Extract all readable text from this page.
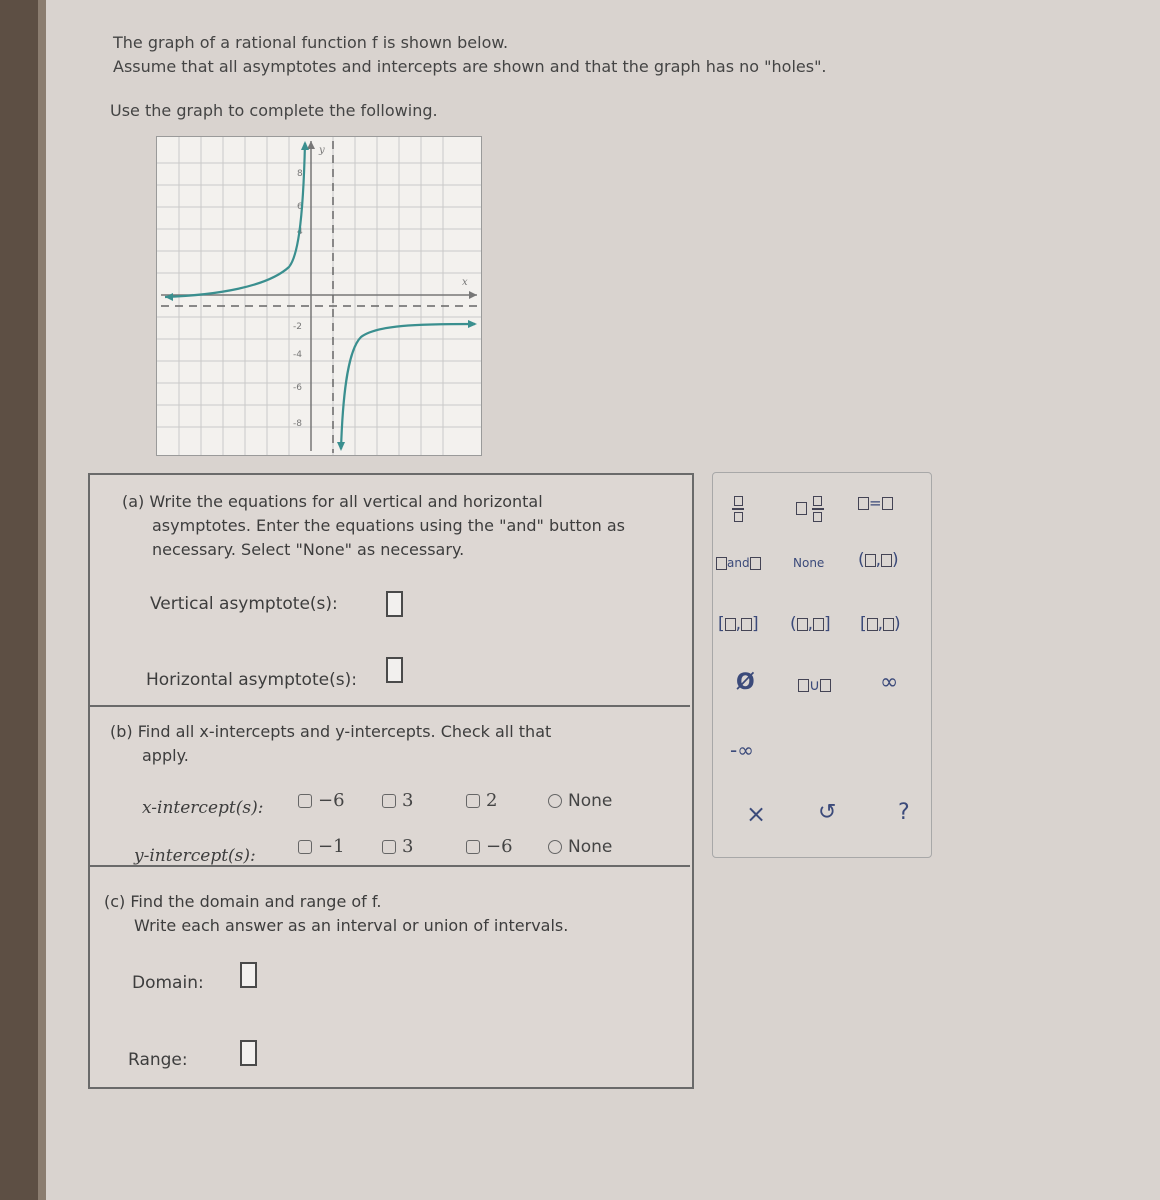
The graph of a rational function f is shown below.
Assume that all asymptotes and intercepts are shown and that the graph has no "holes".
Use the graph to complete the following.
8
6
4
-2
-4
-6
-8
y
x
(a) Write the equations for all vertical and horizontal
asymptotes. Enter the equations using the "and" button as
necessary. Select "None" as necessary.
Vertical asymptote(s):
Horizontal asymptote(s):
(b) Find all x-intercepts and y-intercepts. Check all that
apply.
x-intercept(s):	−6	3	2	None
y-intercept(s):	−1	3	−6	None
(c) Find the domain and range of f.
Write each answer as an interval or union of intervals.
Domain:
Range:

=
and	None ( , )
[ , ] ( , ] [ , )
Ø	∪	∞
-∞
× ↺	?
